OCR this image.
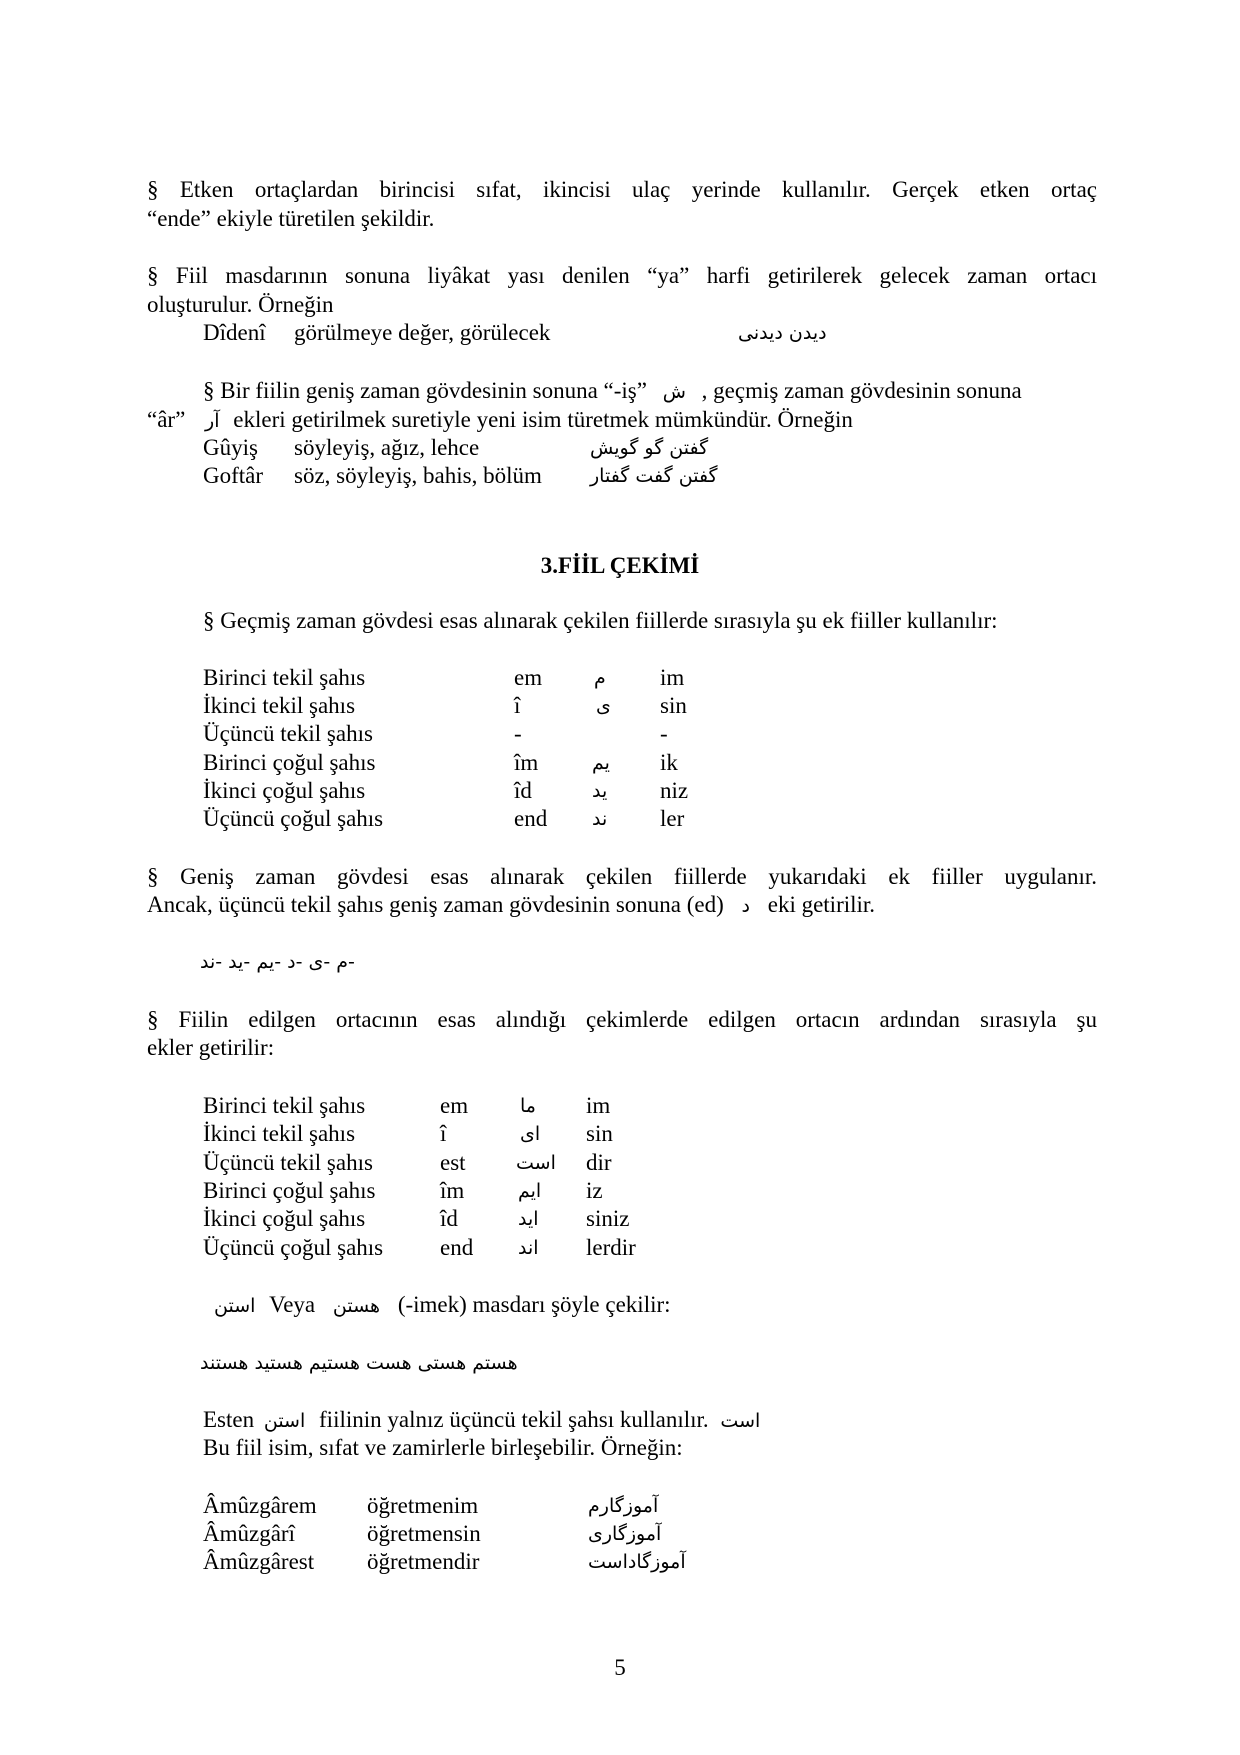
§ Etken ortaçlardan birincisi sıfat, ikincisi ulaç yerinde kullanılır. Gerçek etken ortaç
“ende” ekiyle türetilen şekildir.
§ Fiil masdarının sonuna liyâkat yası denilen “ya” harfi getirilerek gelecek zaman ortacı
oluşturulur. Örneğin
Dîdenî görülmeye değer, görülecek	دیدن دیدنی
§ Bir fiilin geniş zaman gövdesinin sonuna “-iş” ش , geçmiş zaman gövdesinin sonuna
“âr” آر ekleri getirilmek suretiyle yeni isim türetmek mümkündür. Örneğin
Gûyiş söyleyiş, ağız, lehce	گفتن گو گویش
Goftâr söz, söyleyiş, bahis, bölüm	گفتن گفت گفتار
3.FİİL ÇEKİMİ
§ Geçmiş zaman gövdesi esas alınarak çekilen fiillerde sırasıyla şu ek fiiller kullanılır:
Birinci tekil şahıs	em	م im
İkinci tekil şahıs	î	ی sin
Üçüncü tekil şahıs	-	-
Birinci çoğul şahıs	îm	یم ik
İkinci çoğul şahıs	îd	ید niz
Üçüncü çoğul şahıs	end ند ler
§ Geniş zaman gövdesi esas alınarak çekilen fiillerde yukarıdaki ek fiiller uygulanır.
Ancak, üçüncü tekil şahıs geniş zaman gövdesinin sonuna (ed) د eki getirilir.
-م -ی -د -یم -ید -ند
§ Fiilin edilgen ortacının esas alındığı çekimlerde edilgen ortacın ardından sırasıyla şu
ekler getirilir:
Birinci tekil şahıs	em	ما im
İkinci tekil şahıs	î	ای sin
Üçüncü tekil şahıs	est	است dir
Birinci çoğul şahıs	îm	ایم iz
İkinci çoğul şahıs	îd	اید siniz
Üçüncü çoğul şahıs end اند lerdir
استن Veya هستن (-imek) masdarı şöyle çekilir:
هستم هستی هست هستیم هستید هستند
Esten استن fiilinin yalnız üçüncü tekil şahsı kullanılır. است
Bu fiil isim, sıfat ve zamirlerle birleşebilir. Örneğin:
Âmûzgârem öğretmenim	آموزگارم
Âmûzgârî	öğretmensin	آموزگاری
Âmûzgârest öğretmendir	آموزگاداست
5
